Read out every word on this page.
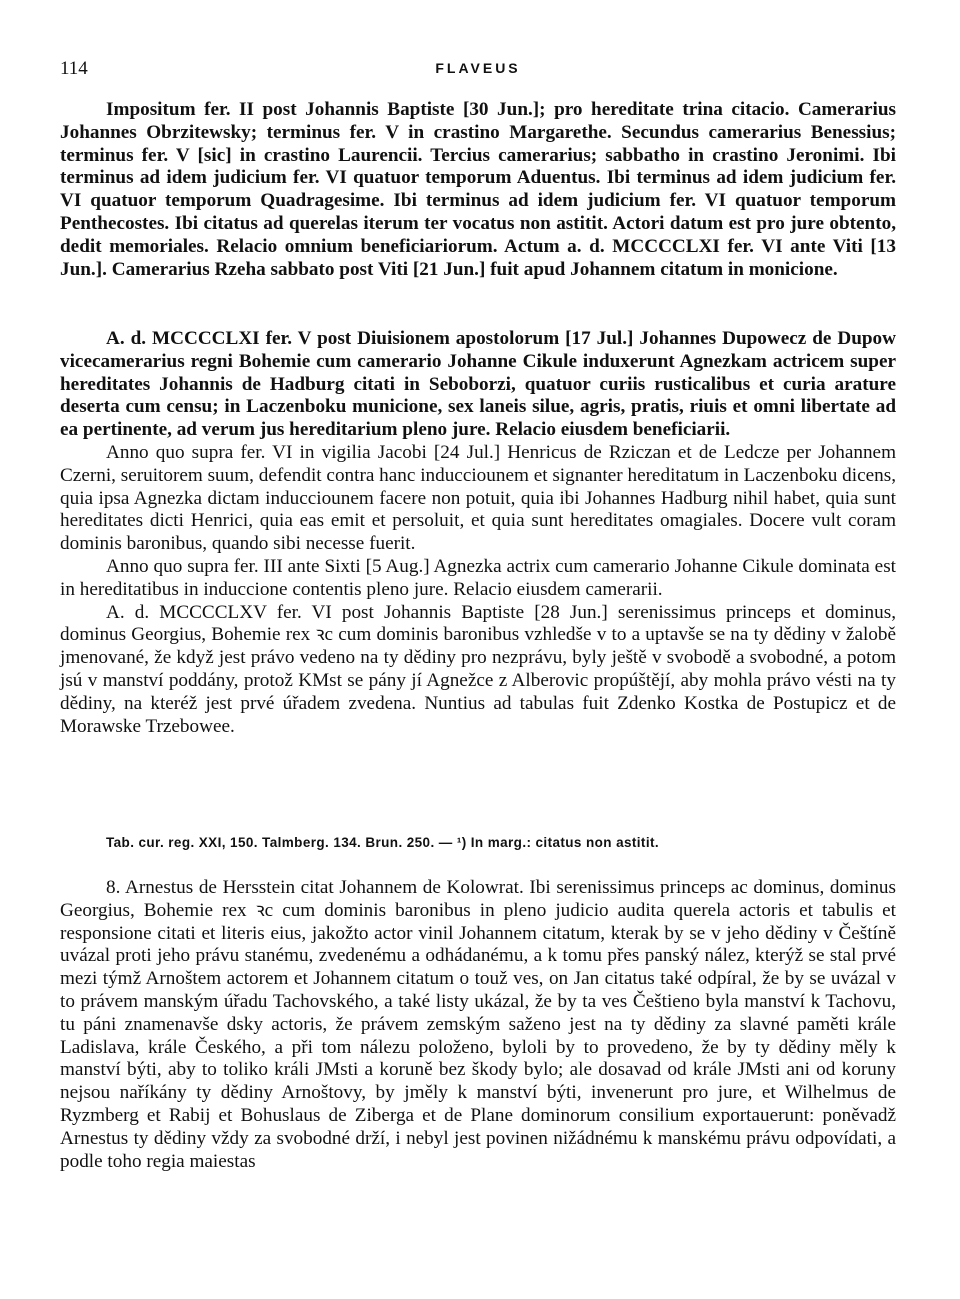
114	FLAVEUS

Impositum fer. II post Johannis Baptiste [30 Jun.]; pro hereditate trina citacio. Camerarius Johannes Obrzitewsky; terminus fer. V in crastino Margarethe. Secundus camerarius Benessius; terminus fer. V [sic] in crastino Laurencii. Tercius camerarius; sabbatho in crastino Jeronimi. Ibi terminus ad idem judicium fer. VI quatuor temporum Aduentus. Ibi terminus ad idem judicium fer. VI quatuor temporum Quadragesime. Ibi terminus ad idem judicium fer. VI quatuor temporum Penthecostes. Ibi citatus ad querelas iterum ter vocatus non astitit. Actori datum est pro jure obtento, dedit memoriales. Relacio omnium beneficiariorum. Actum a. d. MCCCCLXI fer. VI ante Viti [13 Jun.]. Camerarius Rzeha sabbato post Viti [21 Jun.] fuit apud Johannem citatum in monicione.

A. d. MCCCCLXI fer. V post Diuisionem apostolorum [17 Jul.] Johannes Dupowecz de Dupow vicecamerarius regni Bohemie cum camerario Johanne Cikule induxerunt Agnezkam actricem super hereditates Johannis de Hadburg citati in Seboborzi, quatuor curiis rusticalibus et curia arature deserta cum censu; in Laczenboku municione, sex laneis silue, agris, pratis, riuis et omni libertate ad ea pertinente, ad verum jus hereditarium pleno jure. Relacio eiusdem beneficiarii.

Anno quo supra fer. VI in vigilia Jacobi [24 Jul.] Henricus de Rziczan et de Ledcze per Johannem Czerni, seruitorem suum, defendit contra hanc inducciounem et signanter hereditatum in Laczenboku dicens, quia ipsa Agnezka dictam inducciounem facere non potuit, quia ibi Johannes Hadburg nihil habet, quia sunt hereditates dicti Henrici, quia eas emit et persoluit, et quia sunt hereditates omagiales. Docere vult coram dominis baronibus, quando sibi necesse fuerit.

Anno quo supra fer. III ante Sixti [5 Aug.] Agnezka actrix cum camerario Johanne Cikule dominata est in hereditatibus in induccione contentis pleno jure. Relacio eiusdem camerarii.

A. d. MCCCCLXV fer. VI post Johannis Baptiste [28 Jun.] serenissimus princeps et dominus, dominus Georgius, Bohemie rex ꝛc cum dominis baronibus vzhledše v to a uptavše se na ty dědiny v žalobě jmenované, že když jest právo vedeno na ty dědiny pro nezprávu, byly ještě v svobodě a svobodné, a potom jsú v manství poddány, protož KMst se pány jí Agnežce z Alberovic propúštějí, aby mohla právo vésti na ty dědiny, na kteréž jest prvé úřadem zvedena. Nuntius ad tabulas fuit Zdenko Kostka de Postupicz et de Morawske Trzebowee.

Tab. cur. reg. XXI, 150. Talmberg. 134. Brun. 250. — ¹) In marg.: citatus non astitit.

8. Arnestus de Hersstein citat Johannem de Kolowrat. Ibi serenissimus princeps ac dominus, dominus Georgius, Bohemie rex ꝛc cum dominis baronibus in pleno judicio audita querela actoris et tabulis et responsione citati et literis eius, jakožto actor vinil Johannem citatum, kterak by se v jeho dědiny v Češtíně uvázal proti jeho právu stanému, zvedenému a odhádanému, a k tomu přes panský nález, kterýž se stal prvé mezi týmž Arnoštem actorem et Johannem citatum o touž ves, on Jan citatus také odpíral, že by se uvázal v to právem manským úřadu Tachovského, a také listy ukázal, že by ta ves Češtieno byla manství k Tachovu, tu páni znamenavše dsky actoris, že právem zemským saženo jest na ty dědiny za slavné paměti krále Ladislava, krále Českého, a při tom nálezu položeno, byloli by to provedeno, že by ty dědiny měly k manství býti, aby to toliko králi JMsti a koruně bez škody bylo; ale dosavad od krále JMsti ani od koruny nejsou naříkány ty dědiny Arnoštovy, by jměly k manství býti, invenerunt pro jure, et Wilhelmus de Ryzmberg et Rabij et Bohuslaus de Ziberga et de Plane dominorum consilium exportauerunt: poněvadž Arnestus ty dědiny vždy za svobodné drží, i nebyl jest povinen nižádnému k manskému právu odpovídati, a podle toho regia maiestas
